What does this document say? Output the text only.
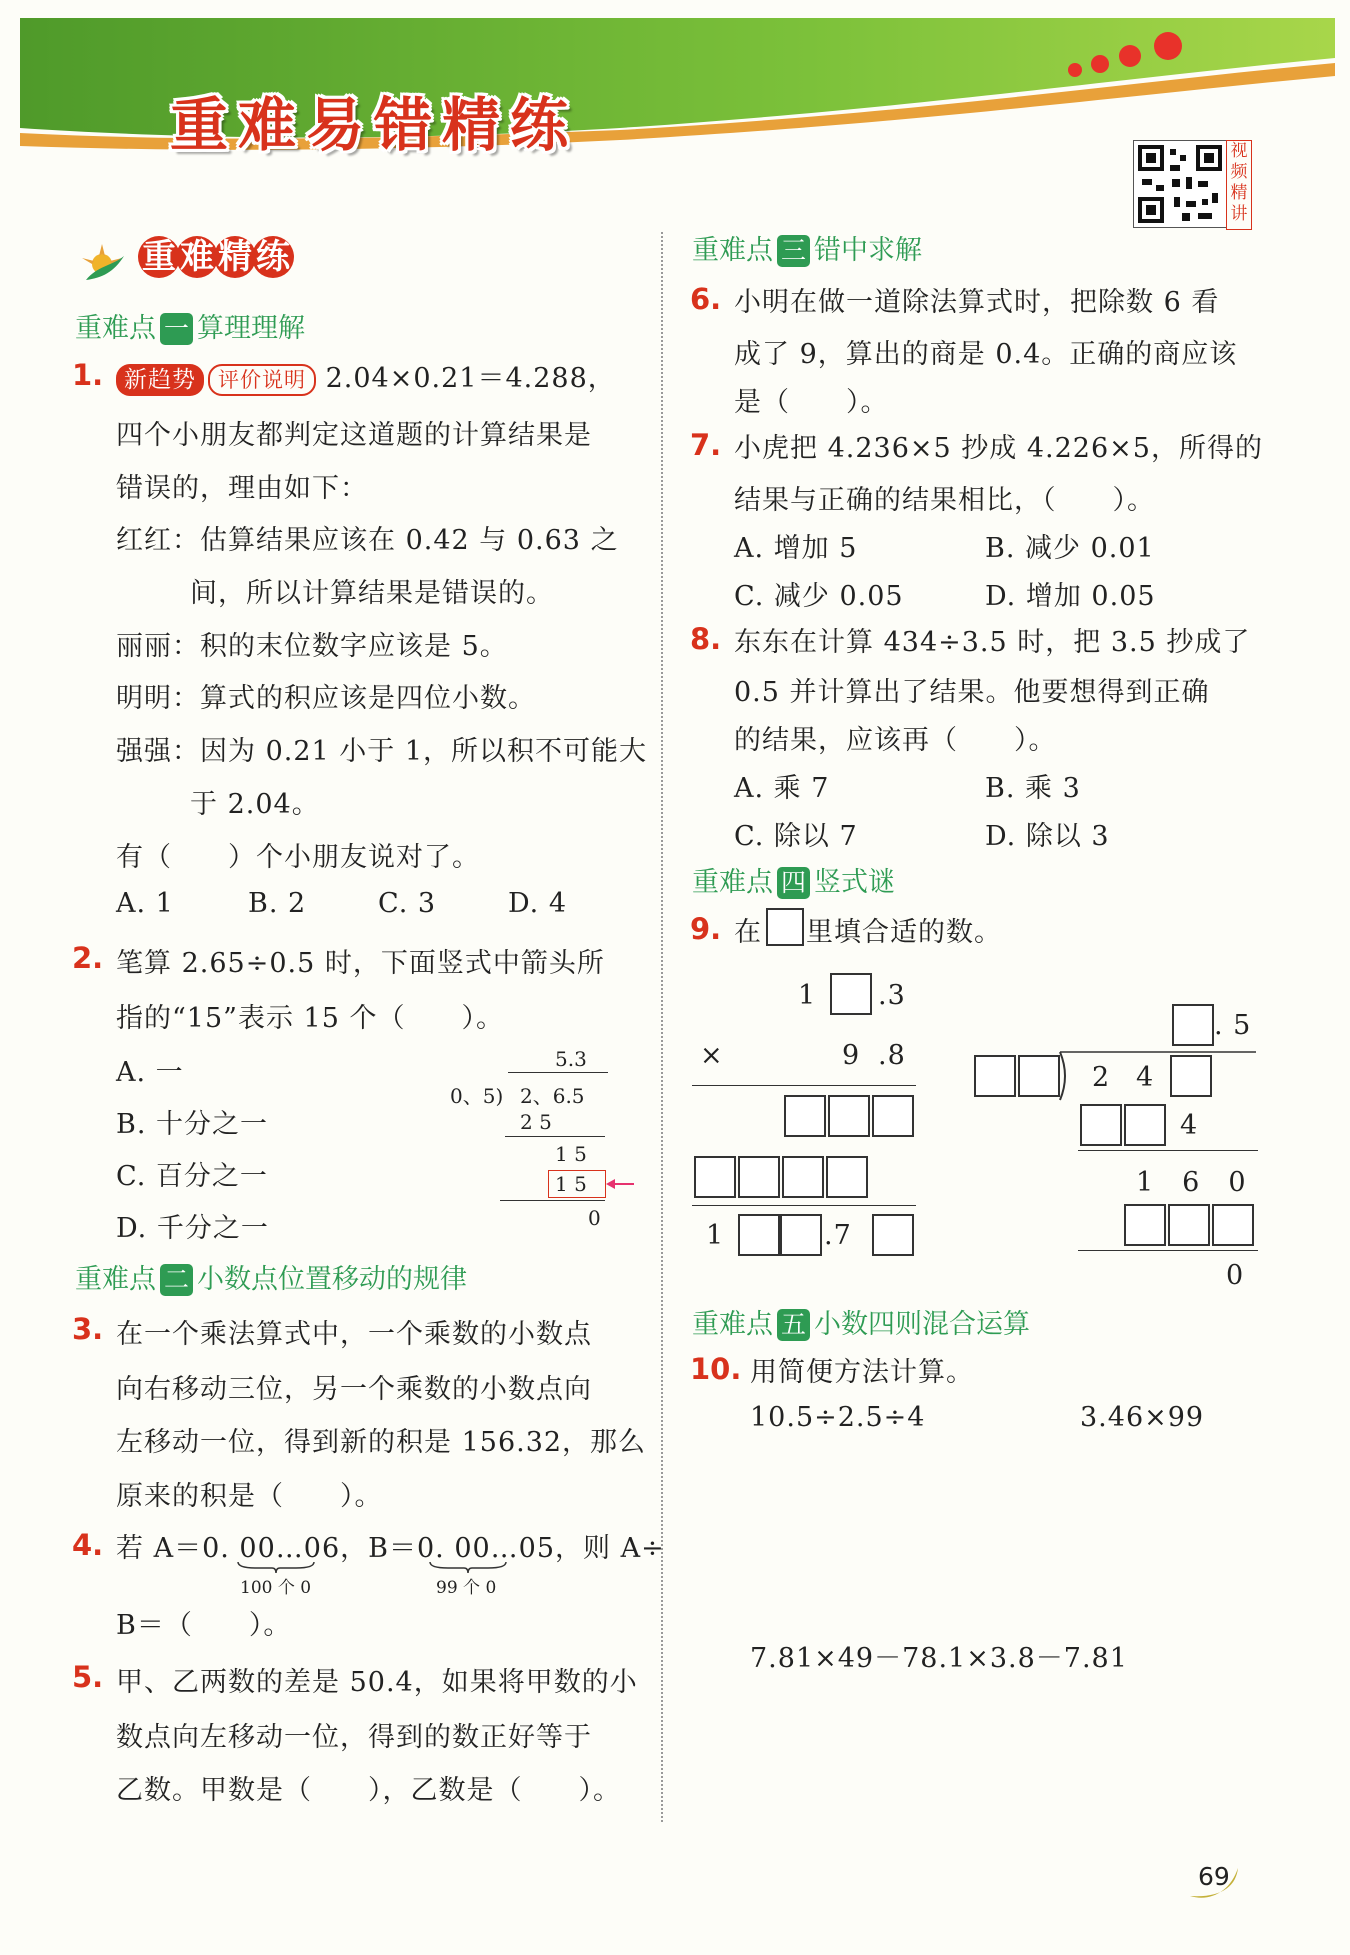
重难易错精练	视频精讲
重 难 精 练
重难点 一 算理理解
1. 新趋势 评价说明 2.04×0.21＝4.288，
四个小朋友都判定这道题的计算结果是
错误的，理由如下：
红红：估算结果应该在 0.42 与 0.63 之
间，所以计算结果是错误的。
丽丽：积的末位数字应该是 5。
明明：算式的积应该是四位小数。
强强：因为 0.21 小于 1，所以积不可能大
于 2.04。
有（　　）个小朋友说对了。
A. 1	B. 2	C. 3	D. 4
2. 笔算 2.65÷0.5 时，下面竖式中箭头所
指的“15”表示 15 个（　　）。
A. 一
B. 十分之一
C. 百分之一
D. 千分之一
5.3
0、5) 2、6.5
2 5
1 5
1 5
0
重难点 二 小数点位置移动的规律
3. 在一个乘法算式中，一个乘数的小数点
向右移动三位，另一个乘数的小数点向
左移动一位，得到新的积是 156.32，那么
原来的积是（　　）。
4. 若 A＝0. 00…06，B＝0. 00…05，则 A÷
100 个 0	99 个 0
B＝（　　）。
5. 甲、乙两数的差是 50.4，如果将甲数的小
数点向左移动一位，得到的数正好等于
乙数。甲数是（　　），乙数是（　　）。
重难点 三 错中求解
6. 小明在做一道除法算式时，把除数 6 看
成了 9，算出的商是 0.4。正确的商应该
是（　　）。
7. 小虎把 4.236×5 抄成 4.226×5，所得的
结果与正确的结果相比，（　　）。
A. 增加 5	B. 减少 0.01
C. 减少 0.05	D. 增加 0.05
8. 东东在计算 434÷3.5 时，把 3.5 抄成了
0.5 并计算出了结果。他要想得到正确
的结果，应该再（　　）。
A. 乘 7	B. 乘 3
C. 除以 7	D. 除以 3
重难点 四 竖式谜
9. 在 里填合适的数。
1 .3
×	9 .8
1	.7
. 5
2 4
4
1　6　0
0
重难点 五 小数四则混合运算
10. 用简便方法计算。
10.5÷2.5÷4	3.46×99
7.81×49－78.1×3.8－7.81
69
